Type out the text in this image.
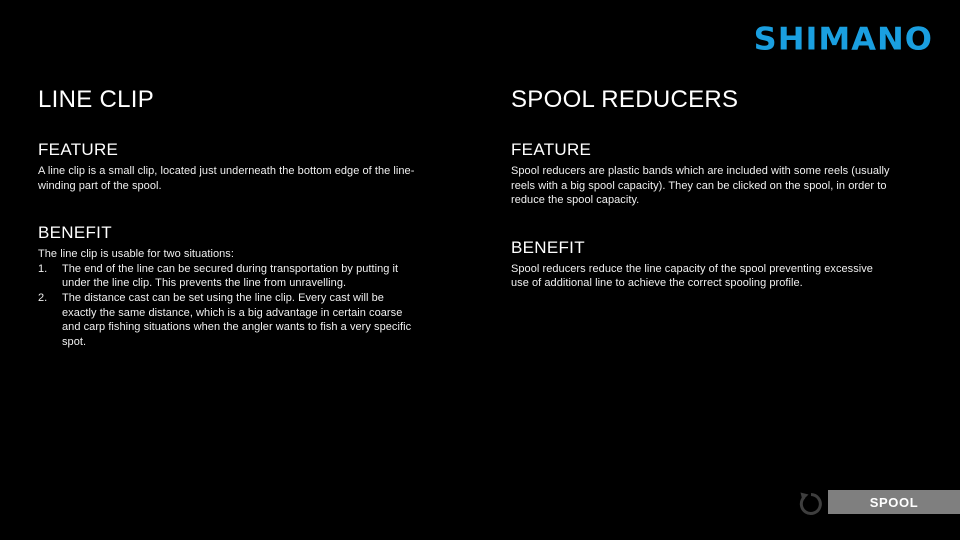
SHIMANO
LINE CLIP
FEATURE
A line clip is a small clip, located just underneath the bottom edge of the line-winding part of the spool.
BENEFIT
The line clip is usable for two situations:
1.	The end of the line can be secured during transportation by putting it under the line clip. This prevents the line from unravelling.
2.	The distance cast can be set using the line clip. Every cast will be exactly the same distance, which is a big advantage in certain coarse and carp fishing situations when the angler wants to fish a very specific spot.
SPOOL REDUCERS
FEATURE
Spool reducers are plastic bands which are included with some reels (usually reels with a big spool capacity). They can be clicked on the spool, in order to reduce the spool capacity.
BENEFIT
Spool reducers reduce the line capacity of the spool preventing excessive use of additional line to achieve the correct spooling profile.
SPOOL
